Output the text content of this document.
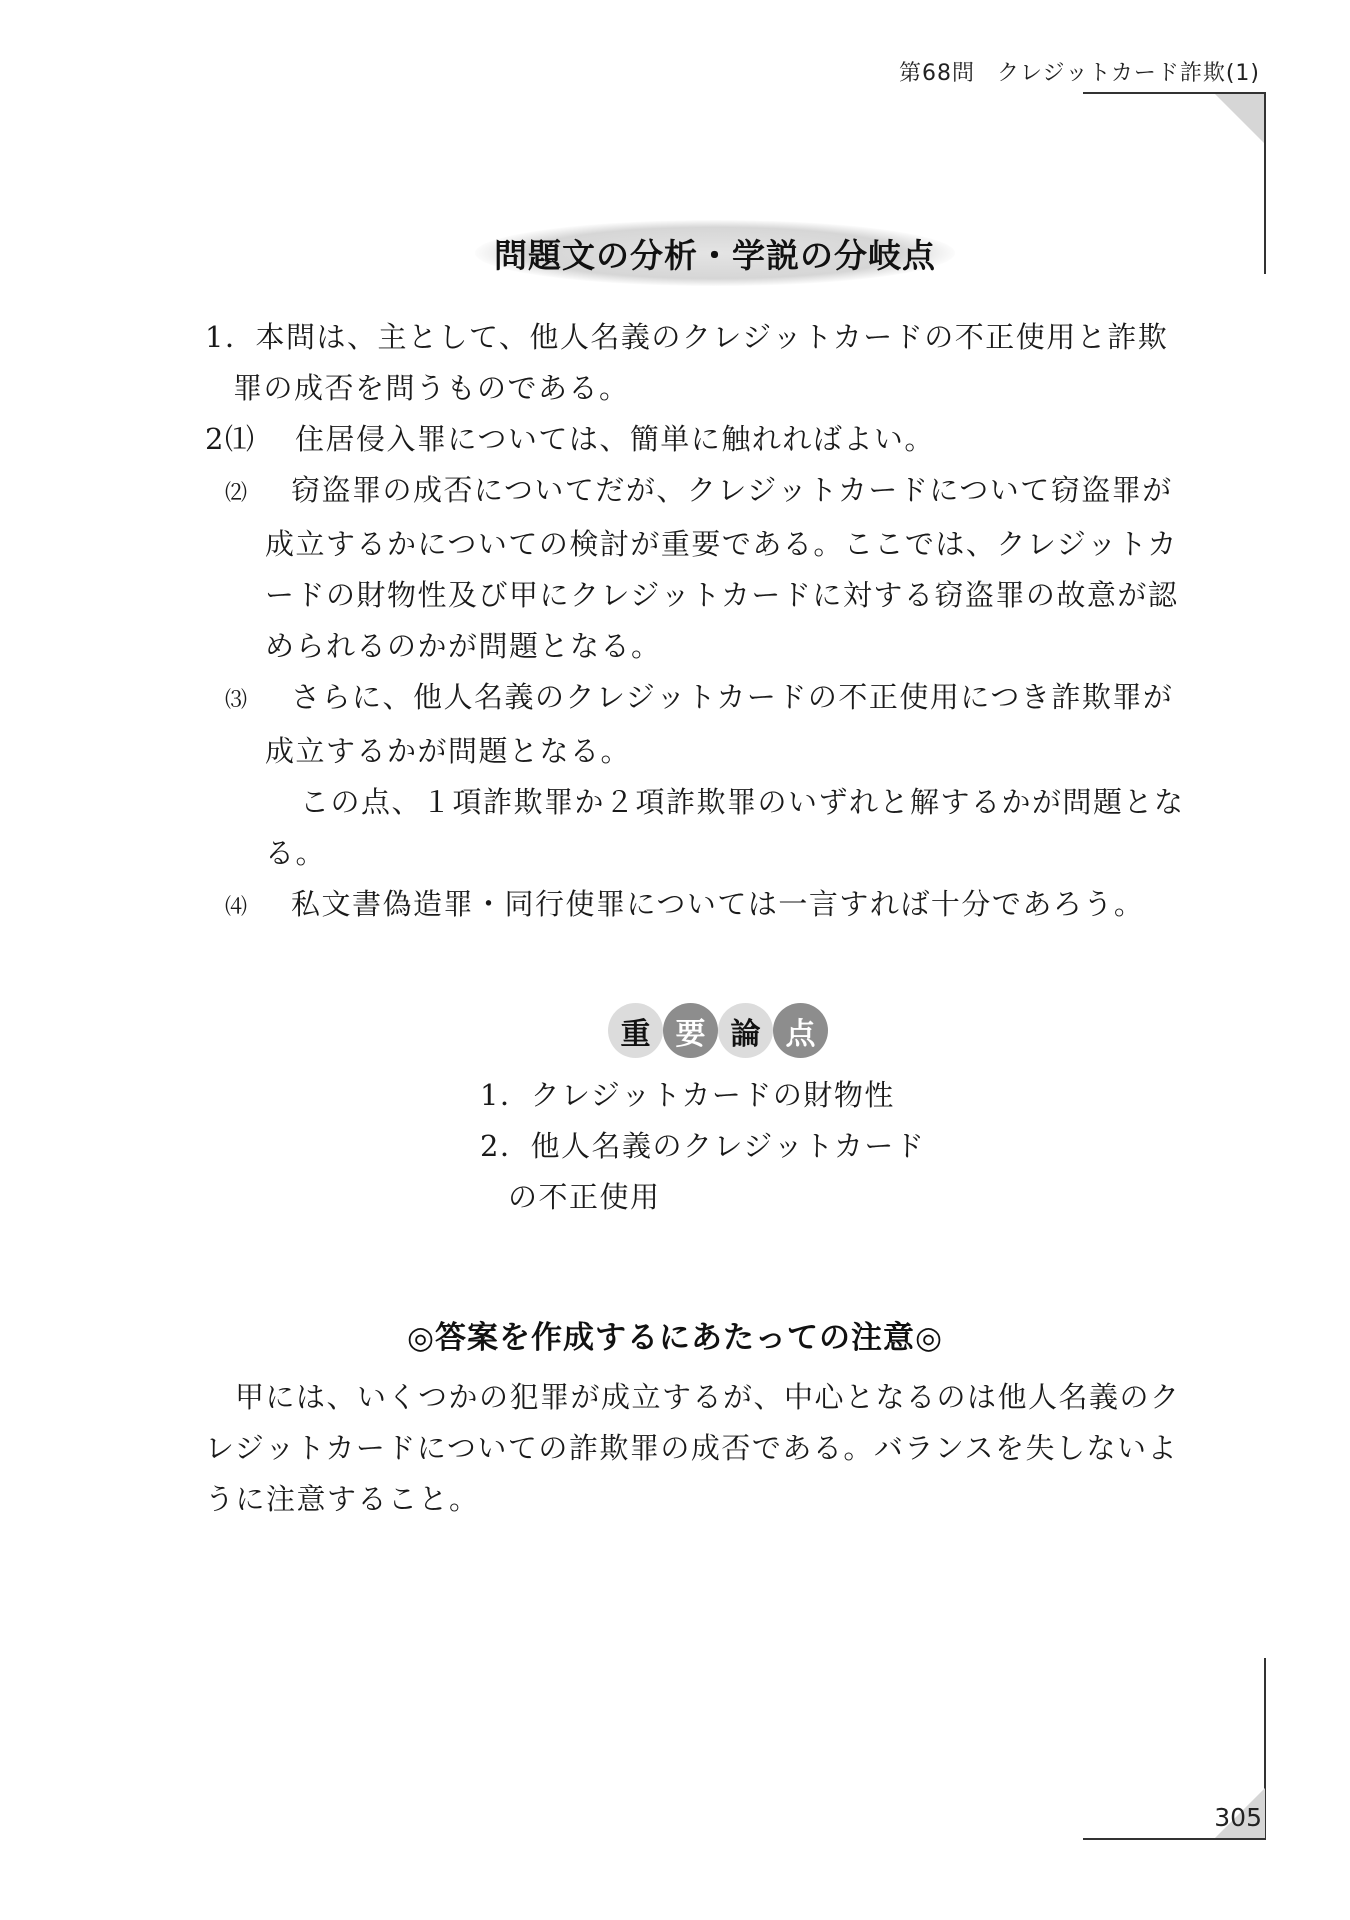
第68問 クレジットカード詐欺(1)
問題文の分析・学説の分岐点

1．本問は、主として、他人名義のクレジットカードの不正使用と詐欺

罪の成否を問うものである。

2⑴ 住居侵入罪については、簡単に触れればよい。

⑵ 窃盗罪の成否についてだが、クレジットカードについて窃盗罪が

成立するかについての検討が重要である。ここでは、クレジットカ

ードの財物性及び甲にクレジットカードに対する窃盗罪の故意が認

められるのかが問題となる。

⑶ さらに、他人名義のクレジットカードの不正使用につき詐欺罪が

成立するかが問題となる。

この点、１項詐欺罪か２項詐欺罪のいずれと解するかが問題とな

る。

⑷ 私文書偽造罪・同行使罪については一言すれば十分であろう。

重 要 論 点

1．クレジットカードの財物性

2．他人名義のクレジットカード

の不正使用

◎答案を作成するにあたっての注意◎

甲には、いくつかの犯罪が成立するが、中心となるのは他人名義のク

レジットカードについての詐欺罪の成否である。バランスを失しないよ

うに注意すること。

305
